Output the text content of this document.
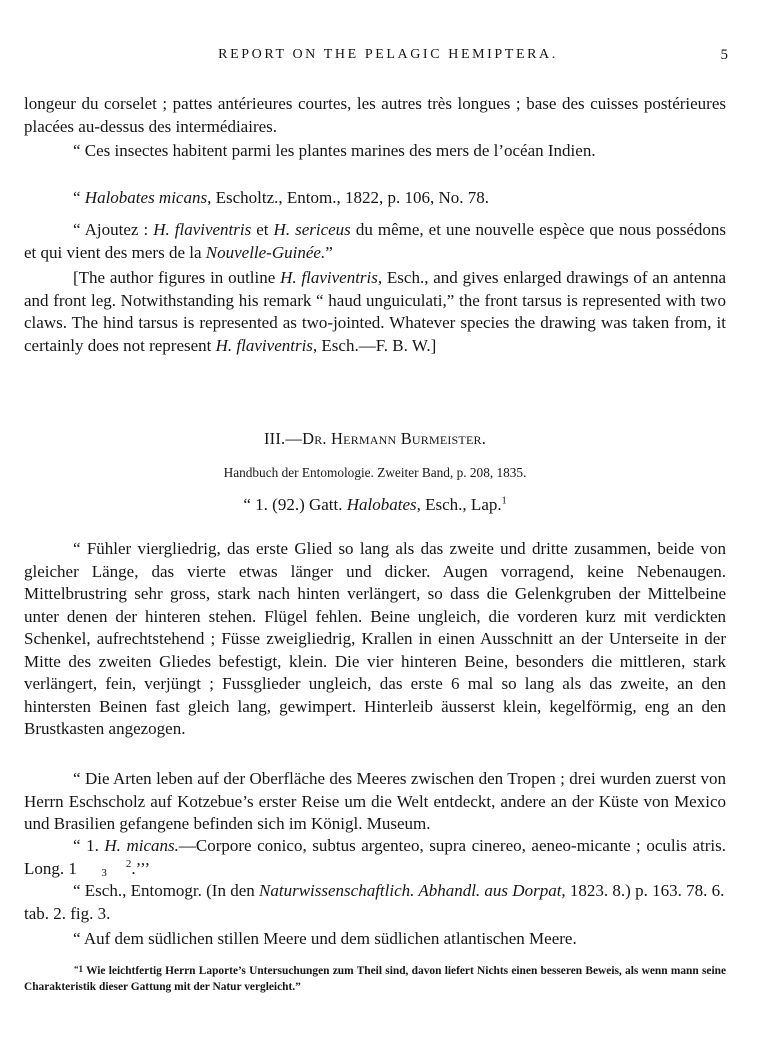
REPORT ON THE PELAGIC HEMIPTERA.	5

longeur du corselet ; pattes antérieures courtes, les autres très longues ; base des cuisses postérieures placées au-dessus des intermédiaires.

“ Ces insectes habitent parmi les plantes marines des mers de l’océan Indien.

“ Halobates micans, Escholtz., Entom., 1822, p. 106, No. 78.

“ Ajoutez : H. flaviventris et H. sericeus du même, et une nouvelle espèce que nous possédons et qui vient des mers de la Nouvelle-Guinée.”

[The author figures in outline H. flaviventris, Esch., and gives enlarged drawings of an antenna and front leg. Notwithstanding his remark “ haud unguiculati,” the front tarsus is represented with two claws. The hind tarsus is represented as two-jointed. Whatever species the drawing was taken from, it certainly does not represent H. flaviventris, Esch.—F. B. W.]

III.—Dr. Hermann Burmeister.

Handbuch der Entomologie. Zweiter Band, p. 208, 1835.

“ 1. (92.) Gatt. Halobates, Esch., Lap.$^1$

“ Fühler viergliedrig, das erste Glied so lang als das zweite und dritte zusammen, beide von gleicher Länge, das vierte etwas länger und dicker. Augen vorragend, keine Nebenaugen. Mittelbrustring sehr gross, stark nach hinten verlängert, so dass die Gelenkgruben der Mittelbeine unter denen der hinteren stehen. Flügel fehlen. Beine ungleich, die vorderen kurz mit verdickten Schenkel, aufrechtstehend ; Füsse zweigliedrig, Krallen in einen Ausschnitt an der Unterseite in der Mitte des zweiten Gliedes befestigt, klein. Die vier hinteren Beine, besonders die mittleren, stark verlängert, fein, verjüngt ; Fussglieder ungleich, das erste 6 mal so lang als das zweite, an den hintersten Beinen fast gleich lang, gewimpert. Hinterleib äusserst klein, kegelförmig, eng an den Brustkasten angezogen.

“ Die Arten leben auf der Oberfläche des Meeres zwischen den Tropen ; drei wurden zuerst von Herrn Eschscholz auf Kotzebue’s erster Reise um die Welt entdeckt, andere an der Küste von Mexico und Brasilien gefangene befinden sich im Königl. Museum.

“ 1. H. micans.—Corpore conico, subtus argenteo, supra cinereo, aeneo-micante ; oculis atris. Long. 1	2
3 .’’’

“ Esch., Entomogr. (In den Naturwissenschaftlich. Abhandl. aus Dorpat, 1823. 8.) p. 163. 78. 6. tab. 2. fig. 3.

“ Auf dem südlichen stillen Meere und dem südlichen atlantischen Meere.

“1 Wie leichtfertig Herrn Laporte’s Untersuchungen zum Theil sind, davon liefert Nichts einen besseren Beweis, als wenn mann seine Charakteristik dieser Gattung mit der Natur vergleicht.”
